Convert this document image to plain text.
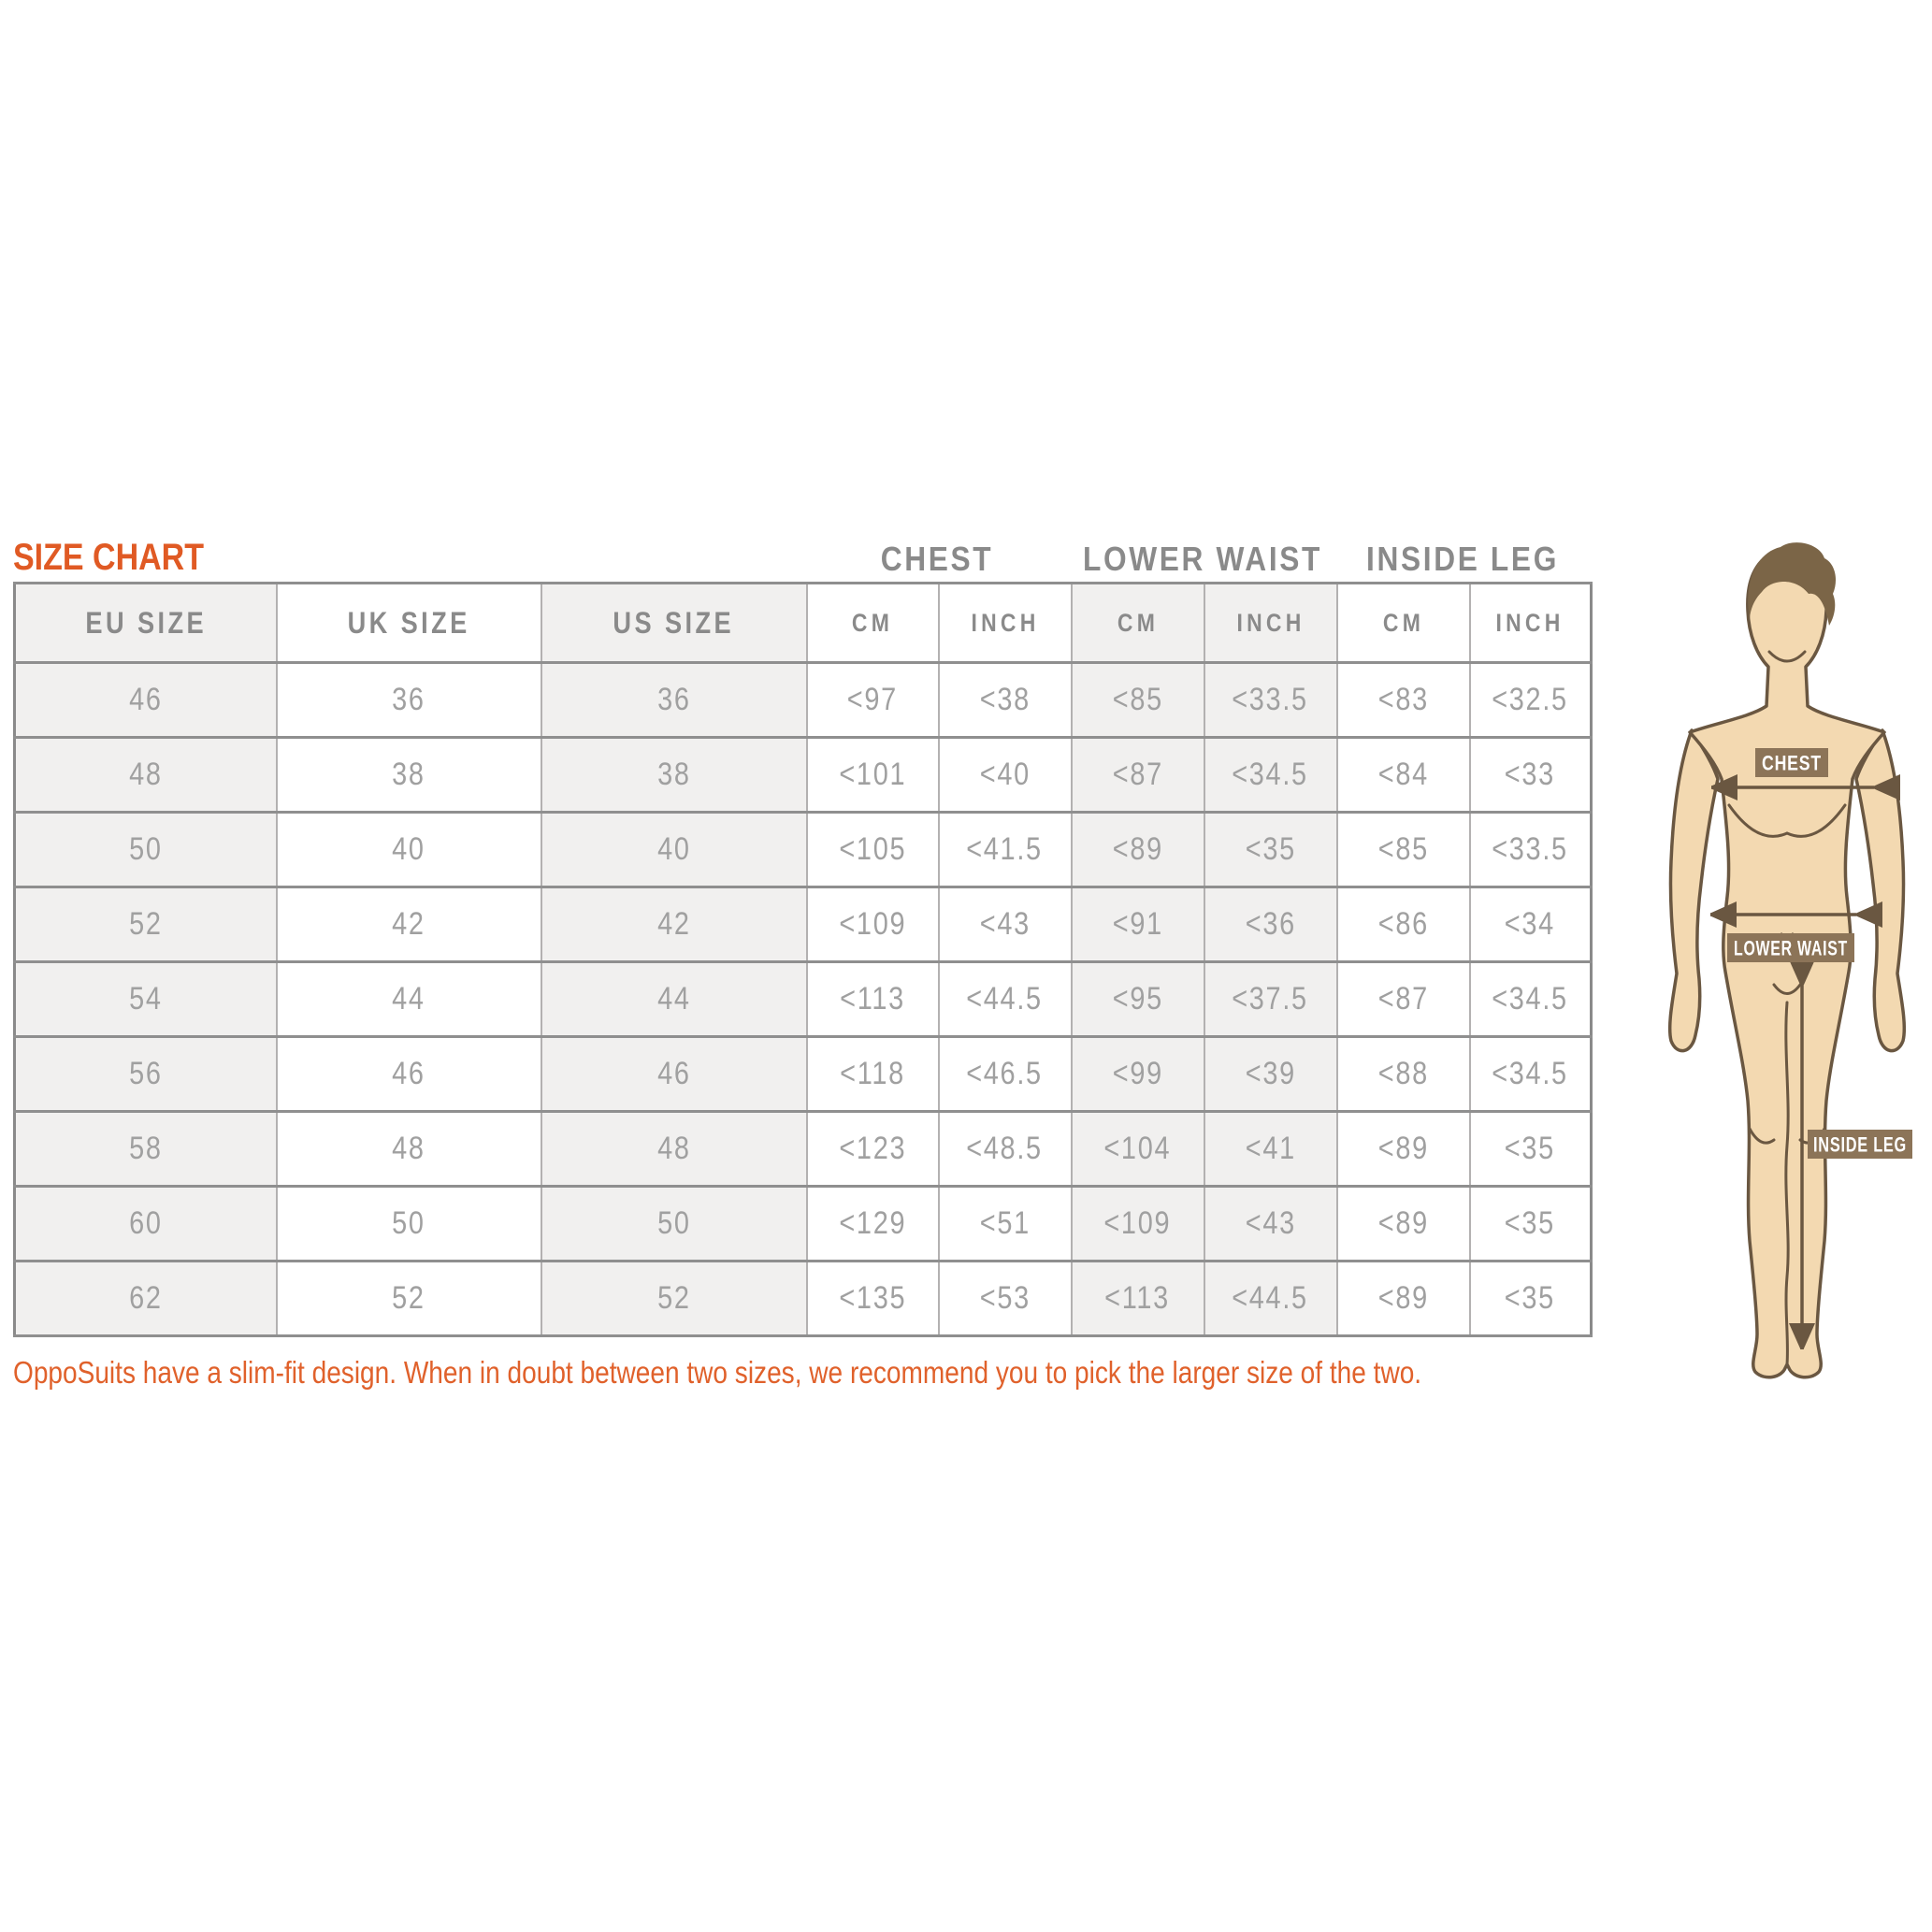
SIZE CHART	CHEST	LOWER WAIST INSIDE LEG
EU SIZE	UK SIZE	US SIZE	CM	INCH	CM	INCH	CM	INCH
46	36	36	<97	<38	<85	<33.5	<83	<32.5
48	38	38	<101	<40	<87	<34.5	<84	<33
50	40	40	<105	<41.5	<89	<35	<85	<33.5
52	42	42	<109	<43	<91	<36	<86	<34
54	44	44	<113	<44.5	<95	<37.5	<87	<34.5
56	46	46	<118	<46.5	<99	<39	<88	<34.5
58	48	48	<123	<48.5	<104	<41	<89	<35
60	50	50	<129	<51	<109	<43	<89	<35
62	52	52	<135	<53	<113	<44.5	<89	<35
OppoSuits have a slim-fit design. When in doubt between two sizes, we recommend you to pick the larger size of the two.
CHEST
LOWER WAIST
INSIDE LEG
